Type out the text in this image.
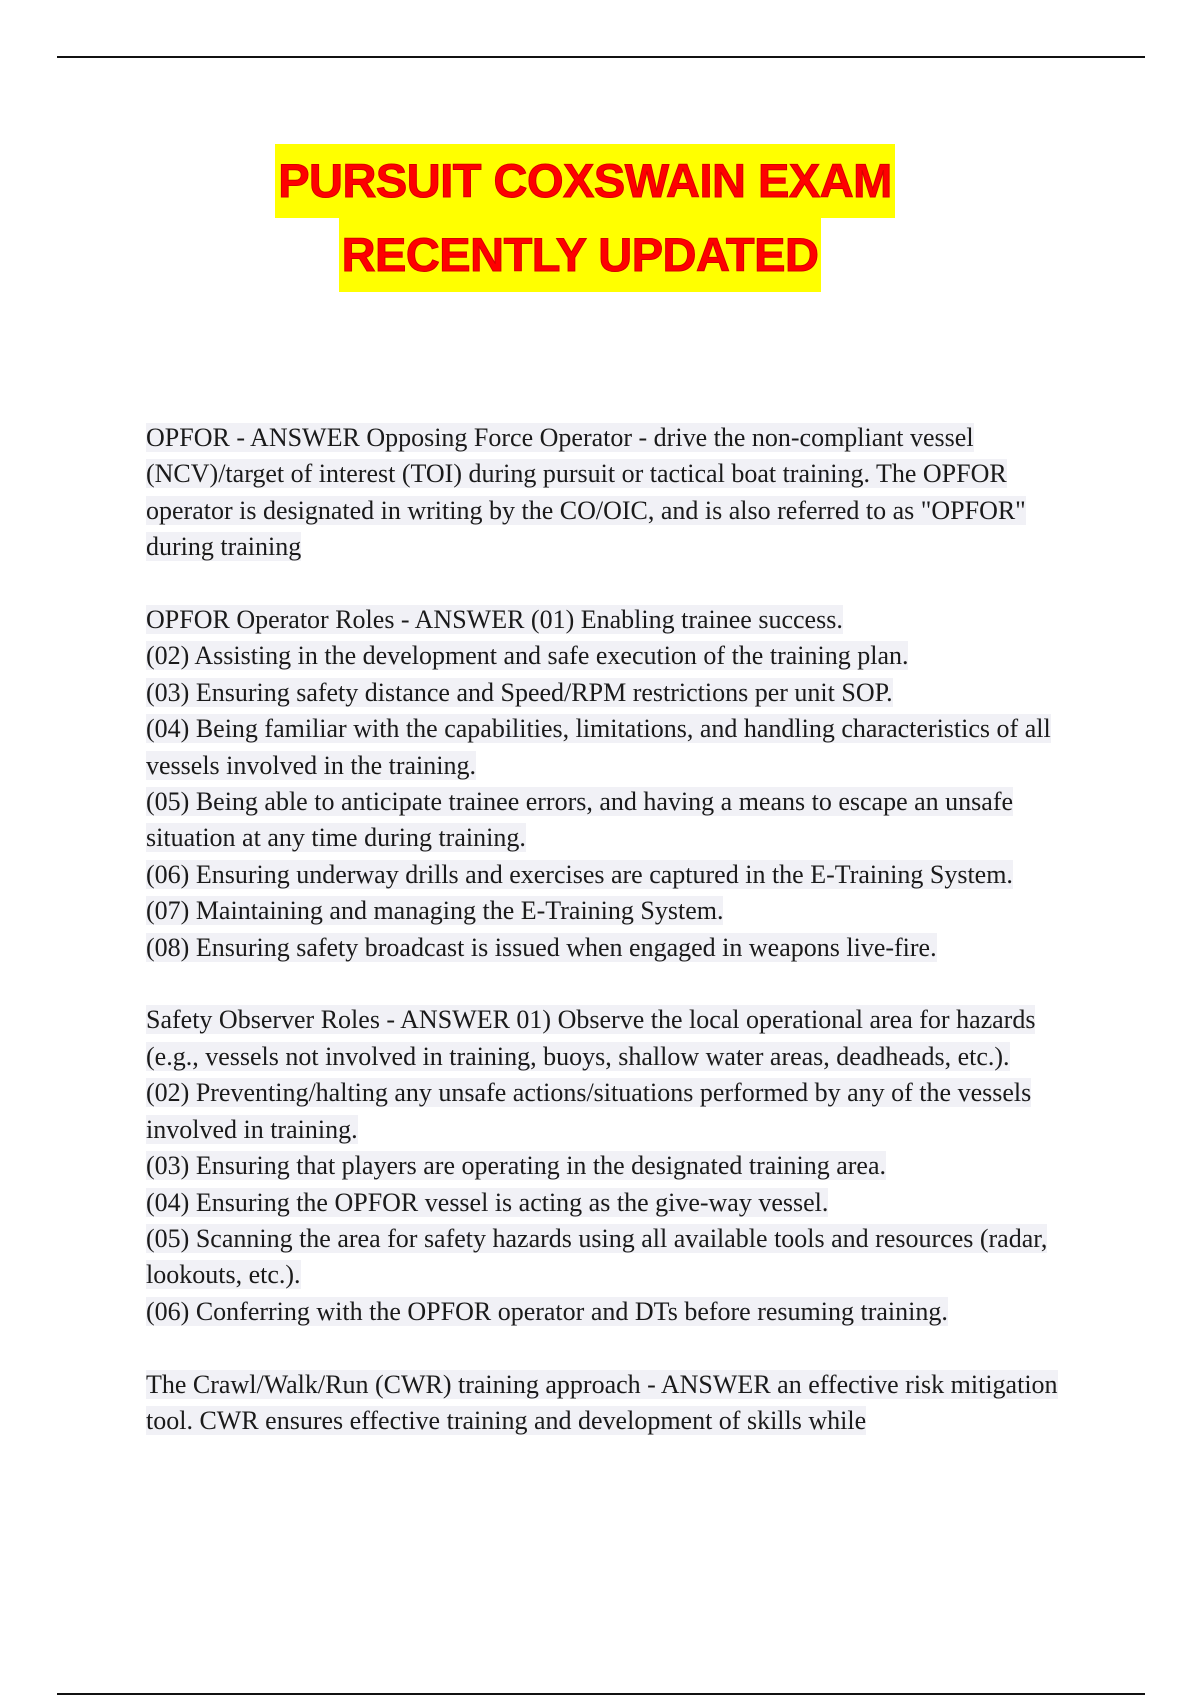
PURSUIT COXSWAIN EXAM
RECENTLY UPDATED
OPFOR - ANSWER Opposing Force Operator - drive the non-compliant vessel (NCV)/target of interest (TOI) during pursuit or tactical boat training. The OPFOR operator is designated in writing by the CO/OIC, and is also referred to as "OPFOR" during training
OPFOR Operator Roles - ANSWER (01) Enabling trainee success.
(02) Assisting in the development and safe execution of the training plan.
(03) Ensuring safety distance and Speed/RPM restrictions per unit SOP.
(04) Being familiar with the capabilities, limitations, and handling characteristics of all vessels involved in the training.
(05) Being able to anticipate trainee errors, and having a means to escape an unsafe situation at any time during training.
(06) Ensuring underway drills and exercises are captured in the E-Training System.
(07) Maintaining and managing the E-Training System.
(08) Ensuring safety broadcast is issued when engaged in weapons live-fire.
Safety Observer Roles - ANSWER 01) Observe the local operational area for hazards (e.g., vessels not involved in training, buoys, shallow water areas, deadheads, etc.).
(02) Preventing/halting any unsafe actions/situations performed by any of the vessels involved in training.
(03) Ensuring that players are operating in the designated training area.
(04) Ensuring the OPFOR vessel is acting as the give-way vessel.
(05) Scanning the area for safety hazards using all available tools and resources (radar, lookouts, etc.).
(06) Conferring with the OPFOR operator and DTs before resuming training.
The Crawl/Walk/Run (CWR) training approach - ANSWER an effective risk mitigation tool. CWR ensures effective training and development of skills while
